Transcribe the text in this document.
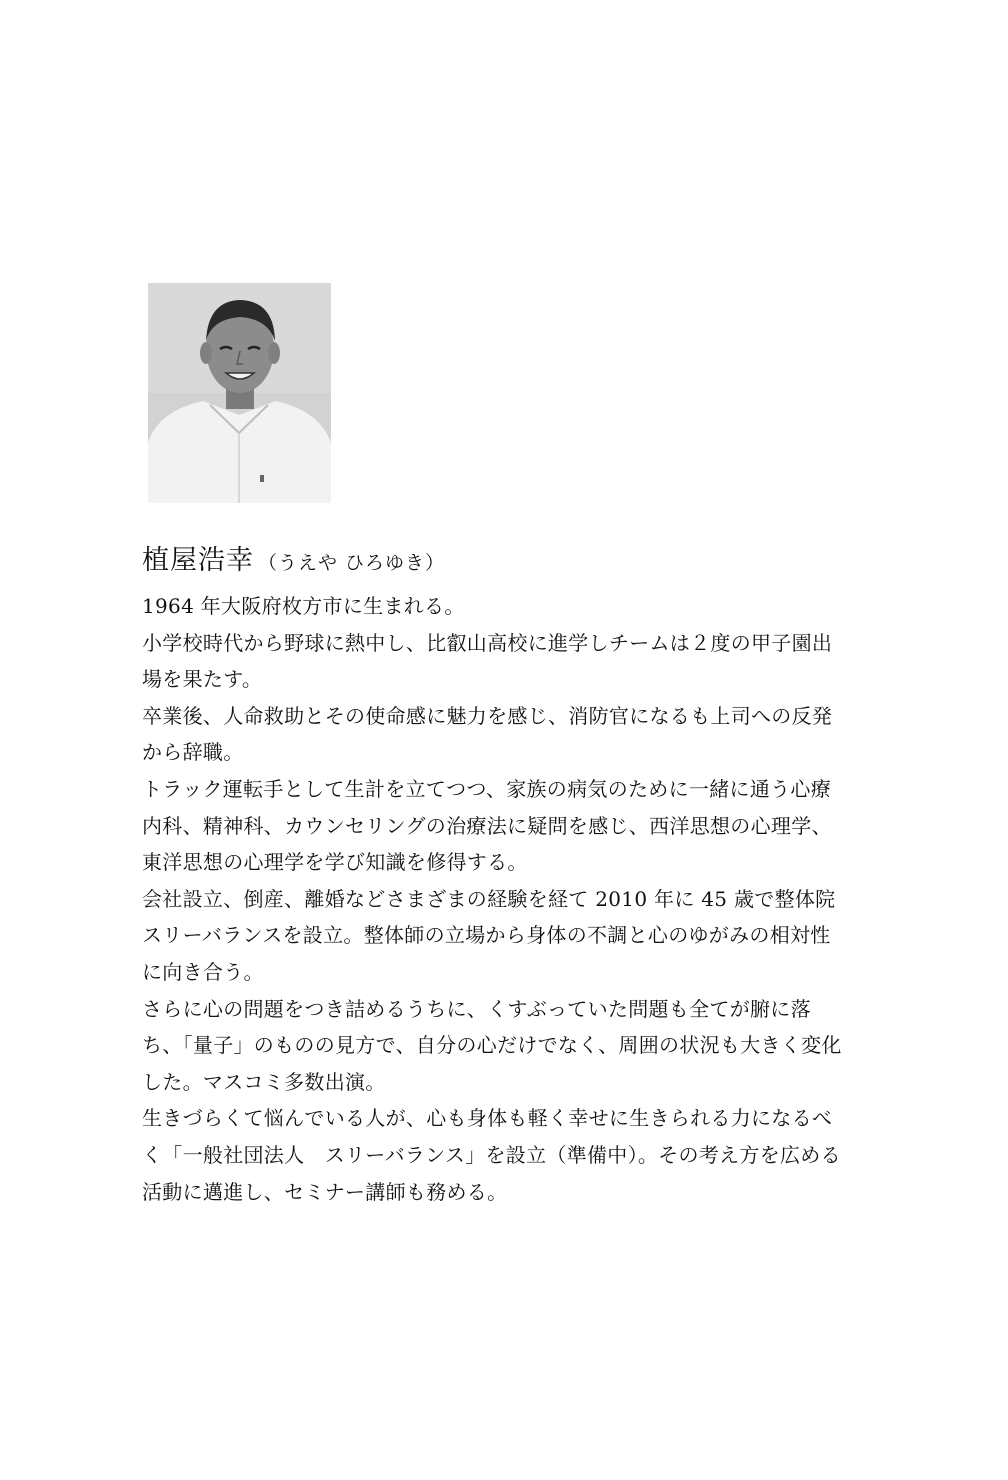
植屋浩幸 （うえや ひろゆき）

1964 年大阪府枚方市に生まれる。

小学校時代から野球に熱中し、比叡山高校に進学しチームは２度の甲子園出場を果たす。

卒業後、人命救助とその使命感に魅力を感じ、消防官になるも上司への反発から辞職。

トラック運転手として生計を立てつつ、家族の病気のために一緒に通う心療内科、精神科、カウンセリングの治療法に疑問を感じ、西洋思想の心理学、東洋思想の心理学を学び知識を修得する。

会社設立、倒産、離婚などさまざまの経験を経て 2010 年に 45 歳で整体院スリーバランスを設立。整体師の立場から身体の不調と心のゆがみの相対性に向き合う。

さらに心の問題をつき詰めるうちに、くすぶっていた問題も全てが腑に落ち、「量子」のものの見方で、自分の心だけでなく、周囲の状況も大きく変化した。マスコミ多数出演。

生きづらくて悩んでいる人が、心も身体も軽く幸せに生きられる力になるべく「一般社団法人　スリーバランス」を設立（準備中）。その考え方を広める活動に邁進し、セミナー講師も務める。
